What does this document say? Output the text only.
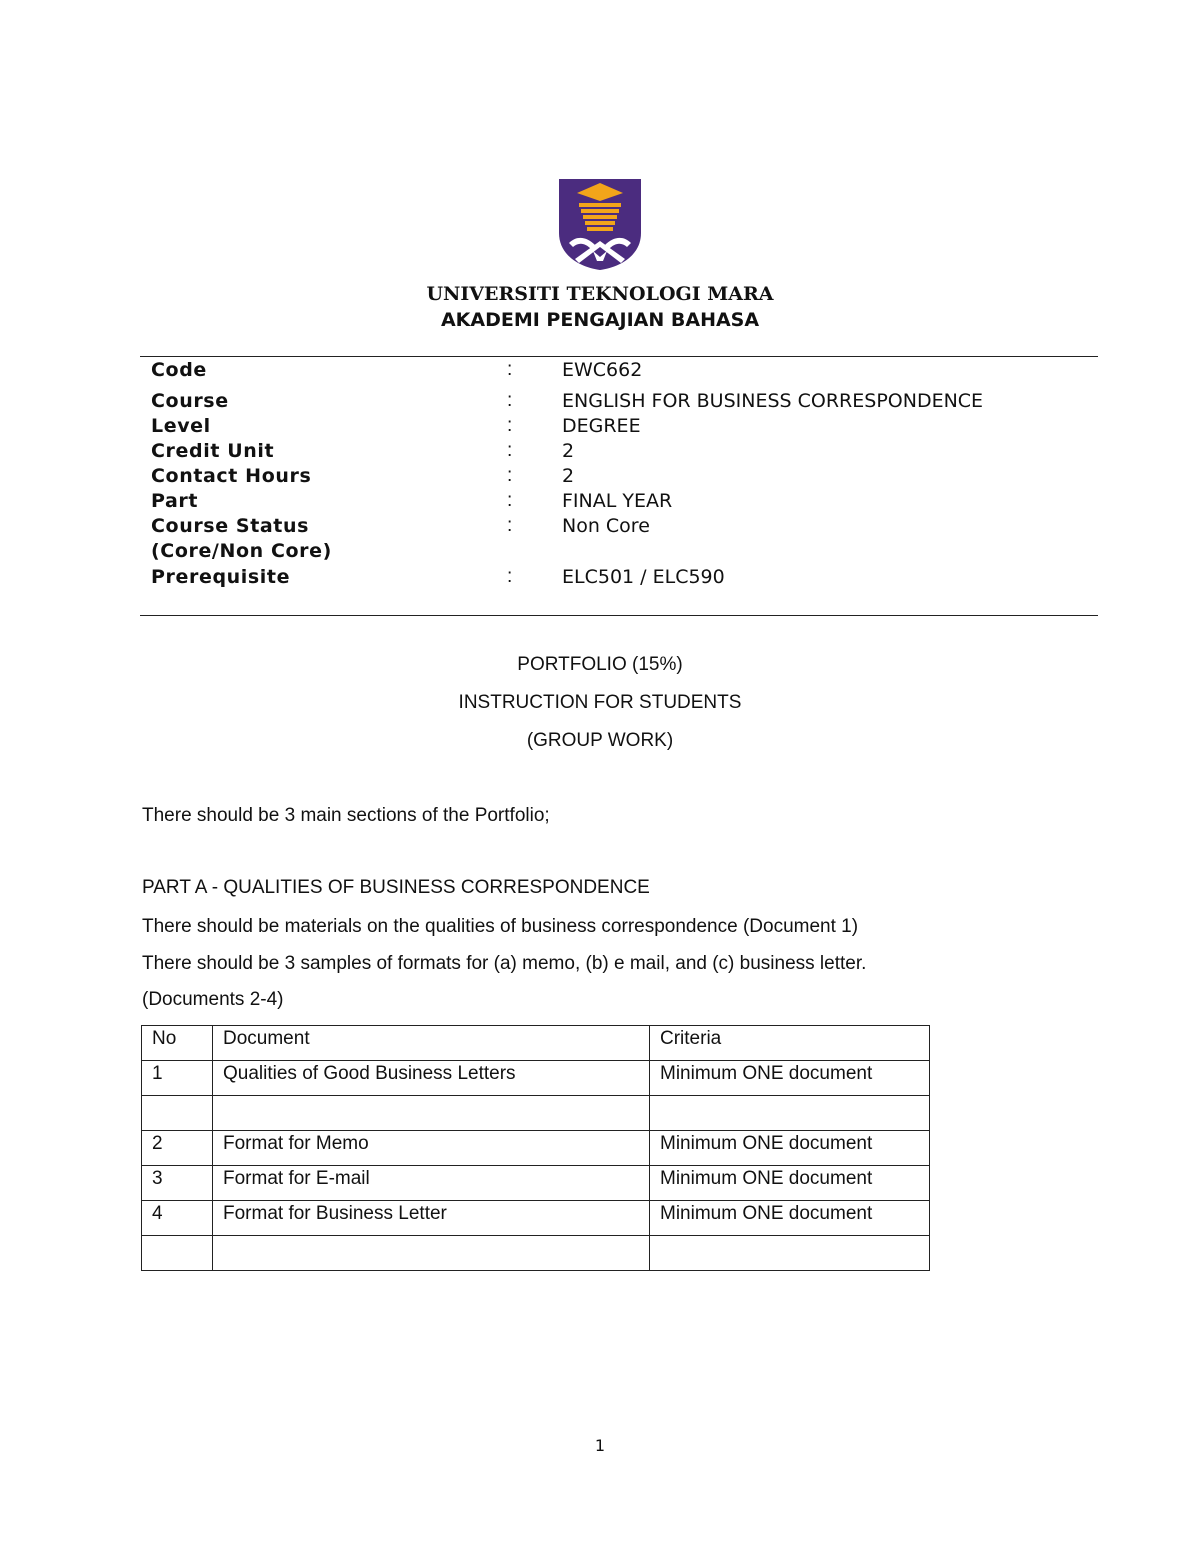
UNIVERSITI TEKNOLOGI MARA
AKADEMI PENGAJIAN BAHASA
Code	:	EWC662
Course	:	ENGLISH FOR BUSINESS CORRESPONDENCE
Level	:	DEGREE
Credit Unit	:	2
Contact Hours	:	2
Part	:	FINAL YEAR
Course Status	:	Non Core
(Core/Non Core)
Prerequisite	:	ELC501 / ELC590
PORTFOLIO (15%)
INSTRUCTION FOR STUDENTS
(GROUP WORK)
There should be 3 main sections of the Portfolio;
PART A - QUALITIES OF BUSINESS CORRESPONDENCE
There should be materials on the qualities of business correspondence (Document 1)
There should be 3 samples of formats for (a) memo, (b) e mail, and (c) business letter.
(Documents 2-4)
No	Document	Criteria
1	Qualities of Good Business Letters	Minimum ONE document

2	Format for Memo	Minimum ONE document
3	Format for E-mail	Minimum ONE document
4	Format for Business Letter	Minimum ONE document

1
